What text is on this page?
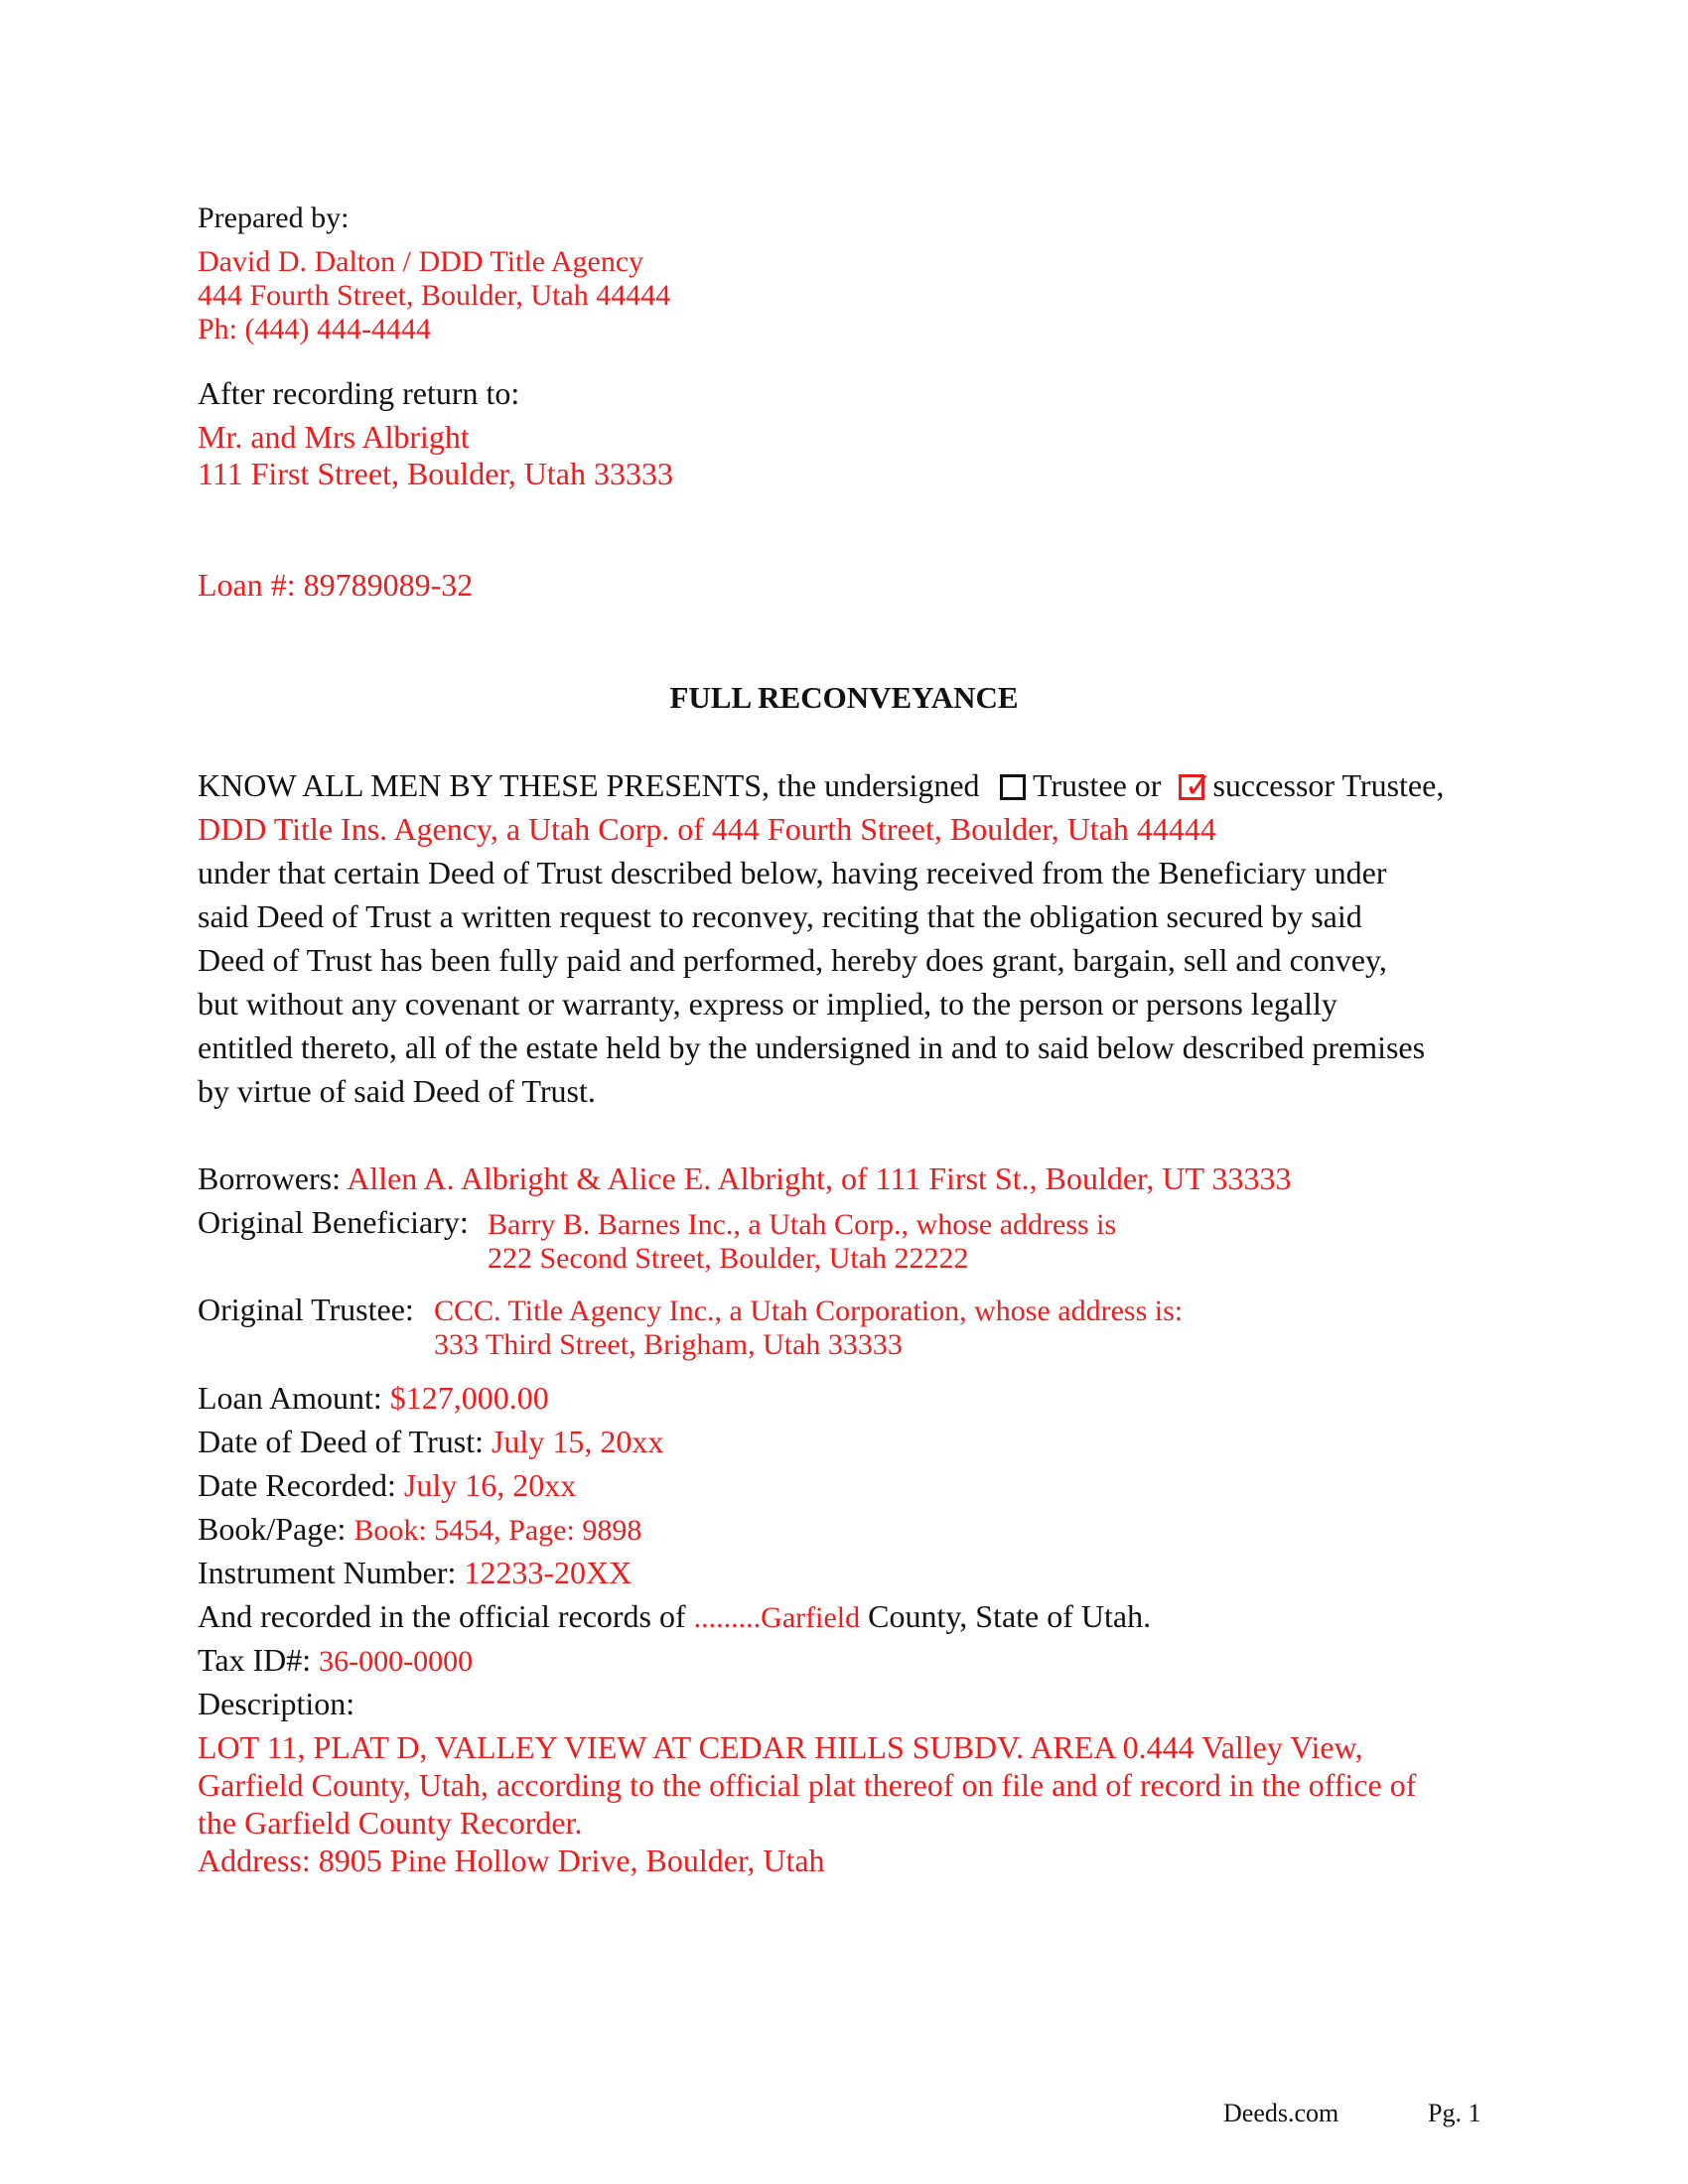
Prepared by:
David D. Dalton / DDD Title Agency
444 Fourth Street, Boulder, Utah 44444
Ph: (444) 444-4444
After recording return to:
Mr. and Mrs Albright
111 First Street, Boulder, Utah 33333
Loan #: 89789089-32
FULL RECONVEYANCE
KNOW ALL MEN BY THESE PRESENTS, the undersigned Trustee or ✓ successor Trustee,
DDD Title Ins. Agency, a Utah Corp. of 444 Fourth Street, Boulder, Utah 44444
under that certain Deed of Trust described below, having received from the Beneficiary under
said Deed of Trust a written request to reconvey, reciting that the obligation secured by said
Deed of Trust has been fully paid and performed, hereby does grant, bargain, sell and convey,
but without any covenant or warranty, express or implied, to the person or persons legally
entitled thereto, all of the estate held by the undersigned in and to said below described premises
by virtue of said Deed of Trust.
Borrowers: Allen A. Albright & Alice E. Albright, of 111 First St., Boulder, UT 33333
Original Beneficiary: Barry B. Barnes Inc., a Utah Corp., whose address is
222 Second Street, Boulder, Utah 22222
Original Trustee: CCC. Title Agency Inc., a Utah Corporation, whose address is:
333 Third Street, Brigham, Utah 33333
Loan Amount: $127,000.00
Date of Deed of Trust: July 15, 20xx
Date Recorded: July 16, 20xx
Book/Page: Book: 5454, Page: 9898
Instrument Number: 12233-20XX
And recorded in the official records of .........Garfield County, State of Utah.
Tax ID#: 36-000-0000
Description:
LOT 11, PLAT D, VALLEY VIEW AT CEDAR HILLS SUBDV. AREA 0.444 Valley View,
Garfield County, Utah, according to the official plat thereof on file and of record in the office of
the Garfield County Recorder.
Address: 8905 Pine Hollow Drive, Boulder, Utah
Deeds.com	Pg. 1
